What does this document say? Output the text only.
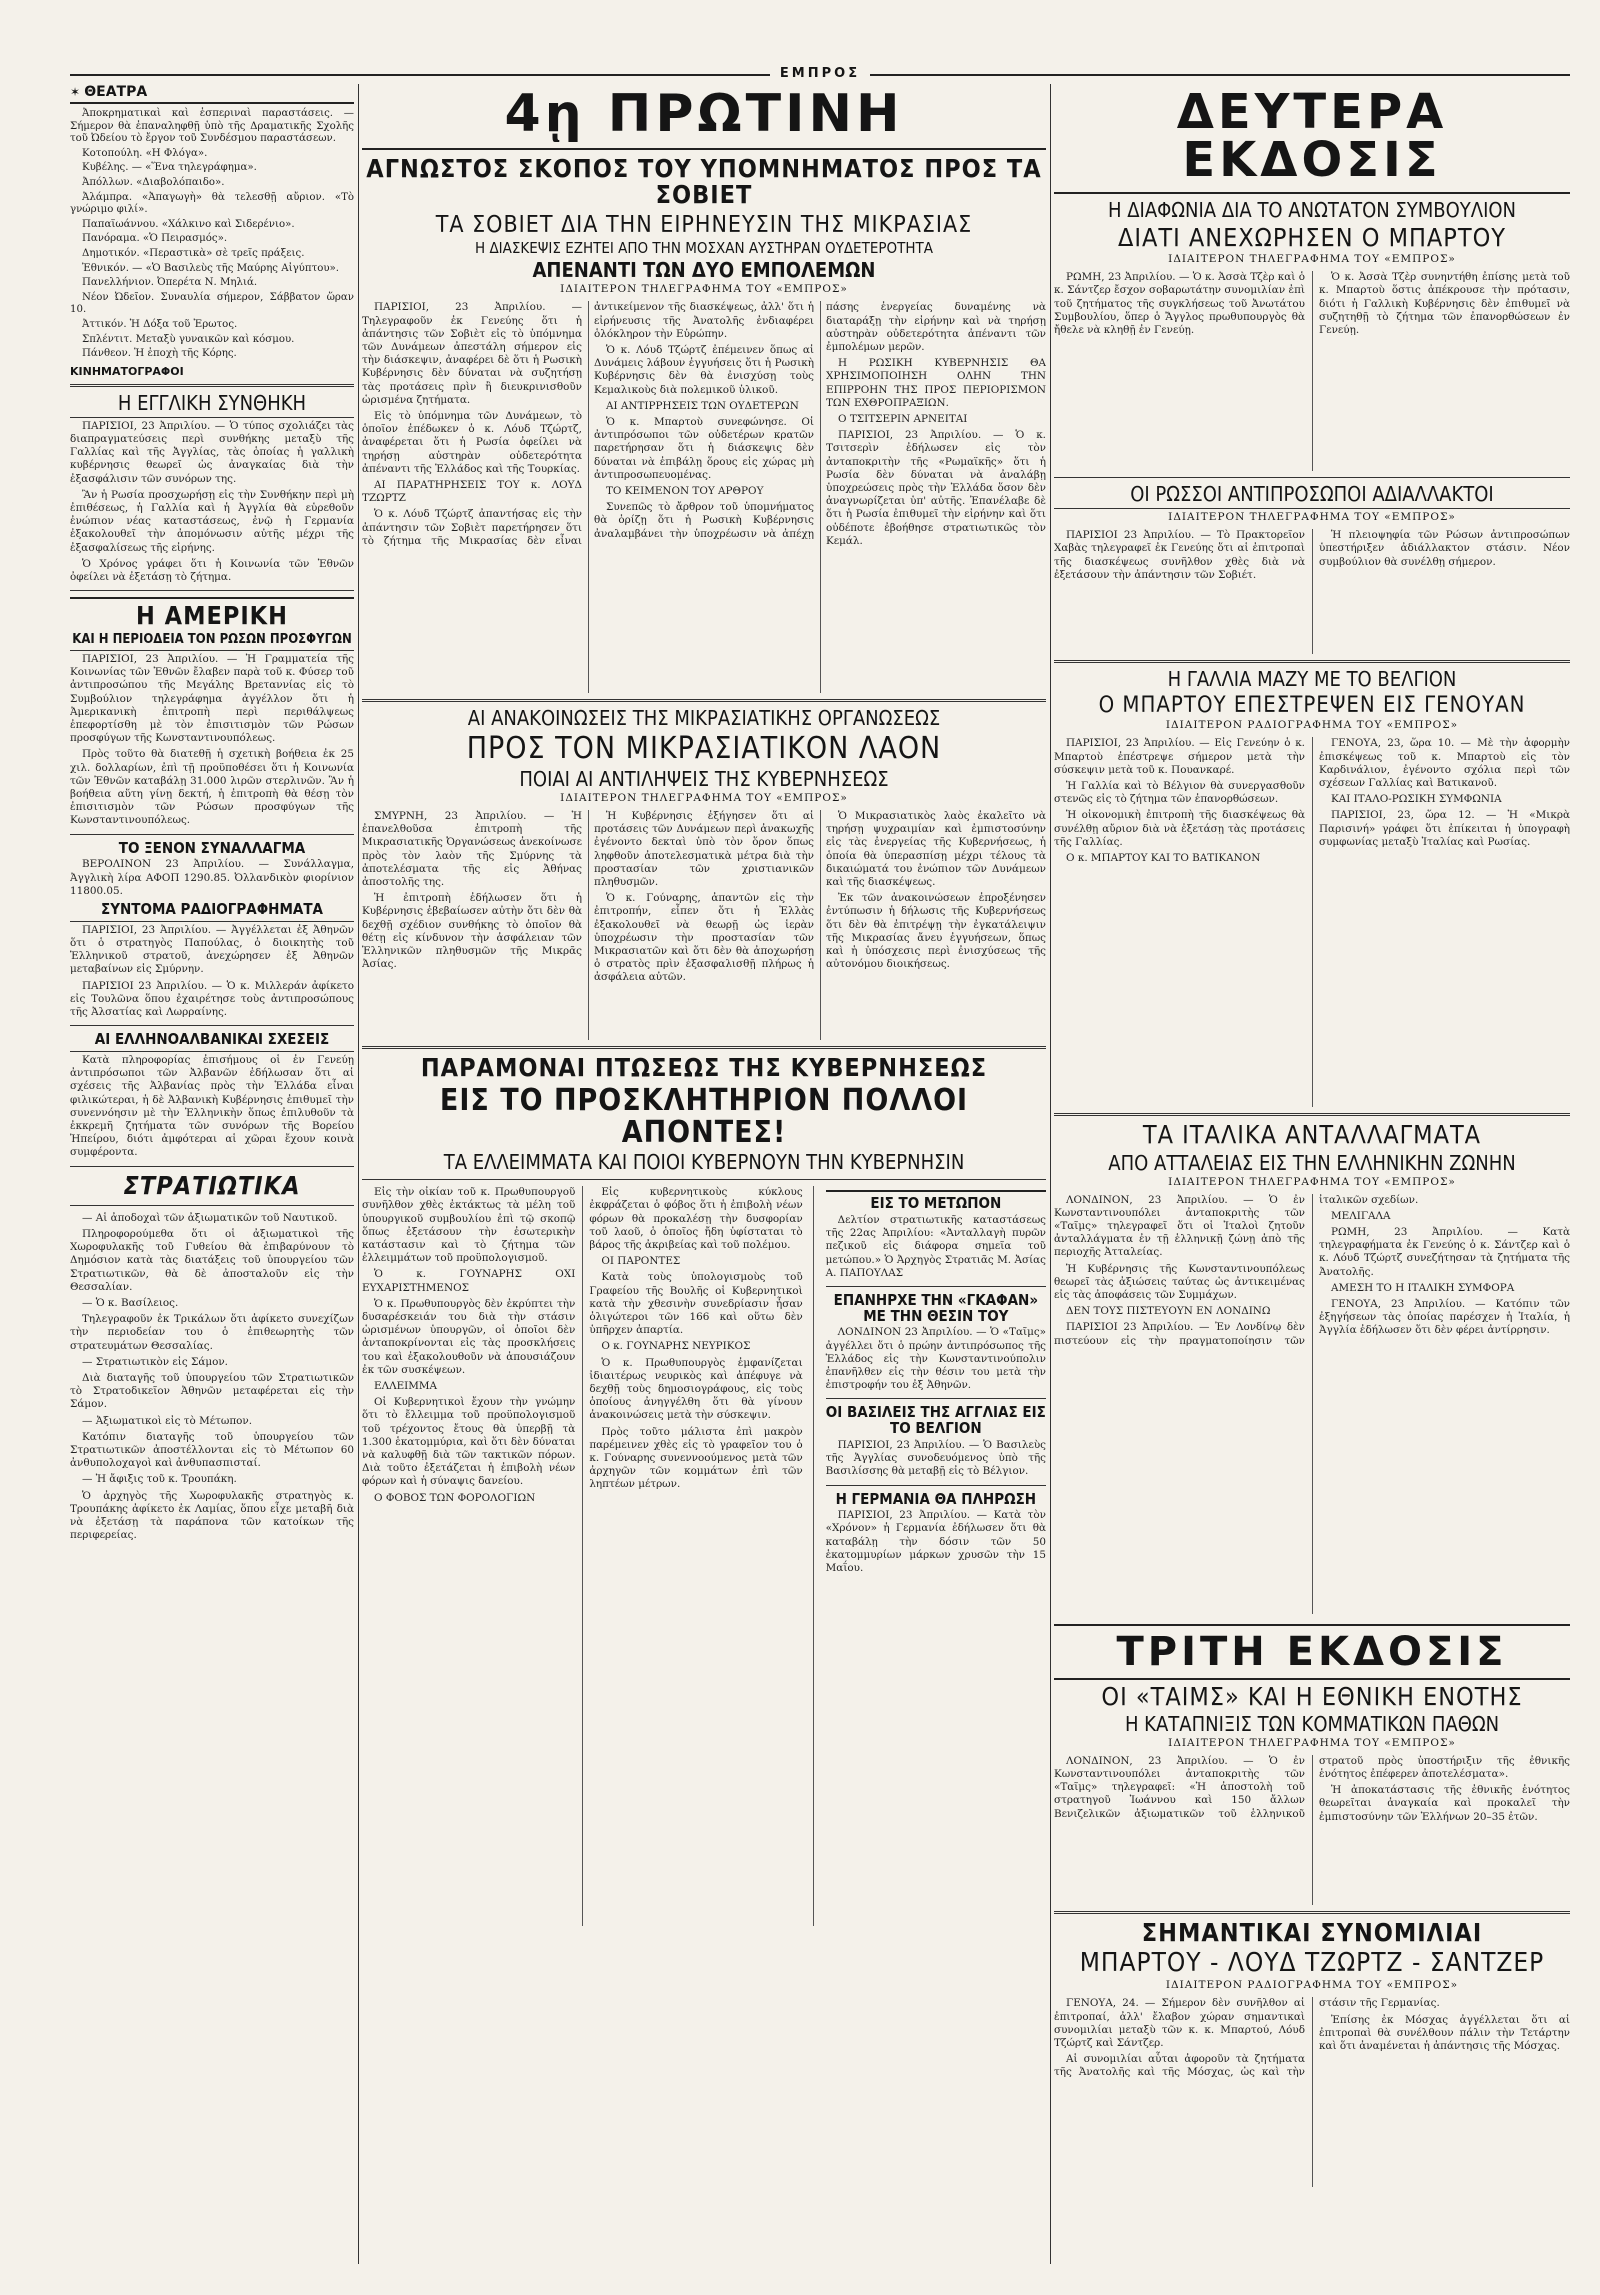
ΕΜΠΡΟΣ
✶ ΘΕΑΤΡΑ

Ἀποκρηματικαὶ καὶ ἑσπεριναὶ παραστάσεις. — Σήμερον θὰ ἐπαναληφθῇ ὑπὸ τῆς Δραματικῆς Σχολῆς τοῦ Ὠδείου τὸ ἔργον τοῦ Συνδέσμου παραστάσεων.

Κοτοπούλη. «Η Φλόγα».

Κυβέλης. — «Ἕνα τηλεγράφημα».

Ἀπόλλων. «Διαβολόπαιδο».

Ἀλάμπρα. «Ἀπαγωγὴ» θὰ τελεσθῇ αὔριον. «Τὸ γνώριμο φιλί».

Παπαϊωάννου. «Χάλκινο καὶ Σιδερένιο».

Πανόραμα. «Ὁ Πειρασμός».

Δημοτικόν. «Περαστικὰ» σὲ τρεῖς πράξεις.

Ἐθνικόν. — «Ὁ Βασιλεὺς τῆς Μαύρης Αἰγύπτου».

Πανελλήνιον. Ὀπερέτα Ν. Μηλιά.

Νέον Ὠδεῖον. Συναυλία σήμερον, Σάββατον ὥραν 10.

Ἀττικόν. Ἡ Δόξα τοῦ Ἐρωτος.

Σπλέντιτ. Μεταξὺ γυναικῶν καὶ κόσμου.

Πάνθεον. Ἡ ἐποχὴ τῆς Κόρης.

ΚΙΝΗΜΑΤΟΓΡΑΦΟΙ
Η ΕΓΓΛΙΚΗ ΣΥΝΘΗΚΗ

ΠΑΡΙΣΙΟΙ, 23 Ἀπριλίου. — Ὁ τύπος σχολιάζει τὰς διαπραγματεύσεις περὶ συνθήκης μεταξὺ τῆς Γαλλίας καὶ τῆς Ἀγγλίας, τὰς ὁποίας ἡ γαλλικὴ κυβέρνησις θεωρεῖ ὡς ἀναγκαίας διὰ τὴν ἐξασφάλισιν τῶν συνόρων της.

Ἂν ἡ Ρωσία προσχωρήσῃ εἰς τὴν Συνθήκην περὶ μὴ ἐπιθέσεως, ἡ Γαλλία καὶ ἡ Ἀγγλία θὰ εὑρεθοῦν ἐνώπιον νέας καταστάσεως, ἐνῷ ἡ Γερμανία ἐξακολουθεῖ τὴν ἀπομόνωσιν αὐτῆς μέχρι τῆς ἐξασφαλίσεως τῆς εἰρήνης.

Ὁ Χρόνος γράφει ὅτι ἡ Κοινωνία τῶν Ἐθνῶν ὀφείλει νὰ ἐξετάσῃ τὸ ζήτημα.

Η ΑΜΕΡΙΚΗ
ΚΑΙ Η ΠΕΡΙΟΔΕΙΑ ΤΟΝ ΡΩΣΩΝ ΠΡΟΣΦΥΓΩΝ

ΠΑΡΙΣΙΟΙ, 23 Ἀπριλίου. — Ἡ Γραμματεία τῆς Κοινωνίας τῶν Ἐθνῶν ἔλαβεν παρὰ τοῦ κ. Φύσερ τοῦ ἀντιπροσώπου τῆς Μεγάλης Βρεταννίας εἰς τὸ Συμβούλιον τηλεγράφημα ἀγγέλλον ὅτι ἡ Ἀμερικανικὴ ἐπιτροπὴ περὶ περιθάλψεως ἐπεφορτίσθη μὲ τὸν ἐπισιτισμὸν τῶν Ρώσων προσφύγων τῆς Κωνσταντινουπόλεως.

Πρὸς τοῦτο θὰ διατεθῇ ἡ σχετικὴ βοήθεια ἐκ 25 χιλ. δολλαρίων, ἐπὶ τῇ προϋποθέσει ὅτι ἡ Κοινωνία τῶν Ἐθνῶν καταβάλῃ 31.000 λιρῶν στερλινῶν. Ἂν ἡ βοήθεια αὕτη γίνῃ δεκτή, ἡ ἐπιτροπὴ θὰ θέσῃ τὸν ἐπισιτισμὸν τῶν Ρώσων προσφύγων τῆς Κωνσταντινουπόλεως.

ΤΟ ΞΕΝΟΝ ΣΥΝΑΛΛΑΓΜΑ

ΒΕΡΟΛΙΝΟΝ 23 Ἀπριλίου. — Συνάλλαγμα, Ἀγγλικὴ λίρα ΑΦΟΠ 1290.85. Ὀλλανδικὸν φιορίνιον 11800.05.

ΣΥΝΤΟΜΑ ΡΑΔΙΟΓΡΑΦΗΜΑΤΑ

ΠΑΡΙΣΙΟΙ, 23 Ἀπριλίου. — Ἀγγέλλεται ἐξ Ἀθηνῶν ὅτι ὁ στρατηγὸς Παπούλας, ὁ διοικητὴς τοῦ Ἑλληνικοῦ στρατοῦ, ἀνεχώρησεν ἐξ Ἀθηνῶν μεταβαίνων εἰς Σμύρνην.

ΠΑΡΙΣΙΟΙ 23 Ἀπριλίου. — Ὁ κ. Μιλλεράν ἀφίκετο εἰς Τουλῶνα ὅπου ἐχαιρέτησε τοὺς ἀντιπροσώπους τῆς Ἀλσατίας καὶ Λωρραίνης.

ΑΙ ΕΛΛΗΝΟΑΛΒΑΝΙΚΑΙ ΣΧΕΣΕΙΣ

Κατὰ πληροφορίας ἐπισήμους οἱ ἐν Γενεύῃ ἀντιπρόσωποι τῶν Ἀλβανῶν ἐδήλωσαν ὅτι αἱ σχέσεις τῆς Ἀλβανίας πρὸς τὴν Ἑλλάδα εἶναι φιλικώτεραι, ἡ δὲ Ἀλβανικὴ Κυβέρνησις ἐπιθυμεῖ τὴν συνεννόησιν μὲ τὴν Ἑλληνικὴν ὅπως ἐπιλυθοῦν τὰ ἐκκρεμῆ ζητήματα τῶν συνόρων τῆς Βορείου Ἠπείρου, διότι ἀμφότεραι αἱ χῶραι ἔχουν κοινὰ συμφέροντα.

ΣΤΡΑΤΙΩΤΙΚΑ

— Αἱ ἀποδοχαὶ τῶν ἀξιωματικῶν τοῦ Ναυτικοῦ.

Πληροφορούμεθα ὅτι οἱ ἀξιωματικοὶ τῆς Χωροφυλακῆς τοῦ Γυθείου θὰ ἐπιβαρύνουν τὸ Δημόσιον κατὰ τὰς διατάξεις τοῦ ὑπουργείου τῶν Στρατιωτικῶν, θὰ δὲ ἀποσταλοῦν εἰς τὴν Θεσσαλίαν.

— Ὁ κ. Βασίλειος.

Τηλεγραφοῦν ἐκ Τρικάλων ὅτι ἀφίκετο συνεχίζων τὴν περιοδείαν του ὁ ἐπιθεωρητὴς τῶν στρατευμάτων Θεσσαλίας.

— Στρατιωτικὸν εἰς Σάμον.

Διὰ διαταγῆς τοῦ ὑπουργείου τῶν Στρατιωτικῶν τὸ Στρατοδικεῖον Ἀθηνῶν μεταφέρεται εἰς τὴν Σάμον.

— Ἀξιωματικοὶ εἰς τὸ Μέτωπον.

Κατόπιν διαταγῆς τοῦ ὑπουργείου τῶν Στρατιωτικῶν ἀποστέλλονται εἰς τὸ Μέτωπον 60 ἀνθυπολοχαγοὶ καὶ ἀνθυπασπισταί.

— Ἡ ἄφιξις τοῦ κ. Τρουπάκη.

Ὁ ἀρχηγὸς τῆς Χωροφυλακῆς στρατηγὸς κ. Τρουπάκης ἀφίκετο ἐκ Λαμίας, ὅπου εἶχε μεταβῆ διὰ νὰ ἐξετάσῃ τὰ παράπονα τῶν κατοίκων τῆς περιφερείας.

4ῃ ΠΡΩΤΙΝΗ
ΑΓΝΩΣΤΟΣ ΣΚΟΠΟΣ ΤΟΥ ΥΠΟΜΝΗΜΑΤΟΣ ΠΡΟΣ ΤΑ ΣΟΒΙΕΤ
ΤΑ ΣΟΒΙΕΤ ΔΙΑ ΤΗΝ ΕΙΡΗΝΕΥΣΙΝ ΤΗΣ ΜΙΚΡΑΣΙΑΣ
Η ΔΙΑΣΚΕΨΙΣ ΕΖΗΤΕΙ ΑΠΟ ΤΗΝ ΜΟΣΧΑΝ ΑΥΣΤΗΡΑΝ ΟΥΔΕΤΕΡΟΤΗΤΑ
ΑΠΕΝΑΝΤΙ ΤΩΝ ΔΥΟ ΕΜΠΟΛΕΜΩΝ
ΙΔΙΑΙΤΕΡΟΝ ΤΗΛΕΓΡΑΦΗΜΑ ΤΟΥ «ΕΜΠΡΟΣ»

ΠΑΡΙΣΙΟΙ, 23 Ἀπριλίου. — Τηλεγραφοῦν ἐκ Γενεύης ὅτι ἡ ἀπάντησις τῶν Σοβιὲτ εἰς τὸ ὑπόμνημα τῶν Δυνάμεων ἀπεστάλη σήμερον εἰς τὴν διάσκεψιν, ἀναφέρει δὲ ὅτι ἡ Ρωσικὴ Κυβέρνησις δὲν δύναται νὰ συζητήσῃ τὰς προτάσεις πρὶν ἢ διευκρινισθοῦν ὡρισμένα ζητήματα.

Εἰς τὸ ὑπόμνημα τῶν Δυνάμεων, τὸ ὁποῖον ἐπέδωκεν ὁ κ. Λόυδ Τζώρτζ, ἀναφέρεται ὅτι ἡ Ρωσία ὀφείλει νὰ τηρήσῃ αὐστηρὰν οὐδετερότητα ἀπέναντι τῆς Ἑλλάδος καὶ τῆς Τουρκίας.

ΑΙ ΠΑΡΑΤΗΡΗΣΕΙΣ ΤΟΥ κ. ΛΟΥΔ ΤΖΩΡΤΖ

Ὁ κ. Λόυδ Τζώρτζ ἀπαντήσας εἰς τὴν ἀπάντησιν τῶν Σοβιὲτ παρετήρησεν ὅτι τὸ ζήτημα τῆς Μικρασίας δὲν εἶναι ἀντικείμενον τῆς διασκέψεως, ἀλλ' ὅτι ἡ εἰρήνευσις τῆς Ἀνατολῆς ἐνδιαφέρει ὁλόκληρον τὴν Εὐρώπην.

Ὁ κ. Λόυδ Τζώρτζ ἐπέμεινεν ὅπως αἱ Δυνάμεις λάβουν ἐγγυήσεις ὅτι ἡ Ρωσικὴ Κυβέρνησις δὲν θὰ ἐνισχύσῃ τοὺς Κεμαλικοὺς διὰ πολεμικοῦ ὑλικοῦ.

ΑΙ ΑΝΤΙΡΡΗΣΕΙΣ ΤΩΝ ΟΥΔΕΤΕΡΩΝ

Ὁ κ. Μπαρτοὺ συνεφώνησε. Οἱ ἀντιπρόσωποι τῶν οὐδετέρων κρατῶν παρετήρησαν ὅτι ἡ διάσκεψις δὲν δύναται νὰ ἐπιβάλῃ ὅρους εἰς χώρας μὴ ἀντιπροσωπευομένας.

ΤΟ ΚΕΙΜΕΝΟΝ ΤΟΥ ΑΡΘΡΟΥ

Συνεπῶς τὸ ἄρθρον τοῦ ὑπομνήματος θὰ ὁρίζῃ ὅτι ἡ Ρωσικὴ Κυβέρνησις ἀναλαμβάνει τὴν ὑποχρέωσιν νὰ ἀπέχῃ πάσης ἐνεργείας δυναμένης νὰ διαταράξῃ τὴν εἰρήνην καὶ νὰ τηρήσῃ αὐστηρὰν οὐδετερότητα ἀπέναντι τῶν ἐμπολέμων μερῶν.

Η ΡΩΣΙΚΗ ΚΥΒΕΡΝΗΣΙΣ ΘΑ ΧΡΗΣΙΜΟΠΟΙΗΣΗ ΟΛΗΝ ΤΗΝ ΕΠΙΡΡΟΗΝ ΤΗΣ ΠΡΟΣ ΠΕΡΙΟΡΙΣΜΟΝ ΤΩΝ ΕΧΘΡΟΠΡΑΞΙΩΝ.

Ο ΤΣΙΤΣΕΡΙΝ ΑΡΝΕΙΤΑΙ

ΠΑΡΙΣΙΟΙ, 23 Ἀπριλίου. — Ὁ κ. Τσιτσερὶν ἐδήλωσεν εἰς τὸν ἀνταποκριτὴν τῆς «Ρωμαϊκῆς» ὅτι ἡ Ρωσία δὲν δύναται νὰ ἀναλάβῃ ὑποχρεώσεις πρὸς τὴν Ἑλλάδα ὅσον δὲν ἀναγνωρίζεται ὑπ' αὐτῆς. Ἐπανέλαβε δὲ ὅτι ἡ Ρωσία ἐπιθυμεῖ τὴν εἰρήνην καὶ ὅτι οὐδέποτε ἐβοήθησε στρατιωτικῶς τὸν Κεμάλ.

ΑΙ ΑΝΑΚΟΙΝΩΣΕΙΣ ΤΗΣ ΜΙΚΡΑΣΙΑΤΙΚΗΣ ΟΡΓΑΝΩΣΕΩΣ
ΠΡΟΣ ΤΟΝ ΜΙΚΡΑΣΙΑΤΙΚΟΝ ΛΑΟΝ
ΠΟΙΑΙ ΑΙ ΑΝΤΙΛΗΨΕΙΣ ΤΗΣ ΚΥΒΕΡΝΗΣΕΩΣ
ΙΔΙΑΙΤΕΡΟΝ ΤΗΛΕΓΡΑΦΗΜΑ ΤΟΥ «ΕΜΠΡΟΣ»

ΣΜΥΡΝΗ, 23 Ἀπριλίου. — Ἡ ἐπανελθοῦσα ἐπιτροπὴ τῆς Μικρασιατικῆς Ὀργανώσεως ἀνεκοίνωσε πρὸς τὸν λαὸν τῆς Σμύρνης τὰ ἀποτελέσματα τῆς εἰς Ἀθήνας ἀποστολῆς της.

Ἡ ἐπιτροπὴ ἐδήλωσεν ὅτι ἡ Κυβέρνησις ἐβεβαίωσεν αὐτὴν ὅτι δὲν θὰ δεχθῇ σχέδιον συνθήκης τὸ ὁποῖον θὰ θέτῃ εἰς κίνδυνον τὴν ἀσφάλειαν τῶν Ἑλληνικῶν πληθυσμῶν τῆς Μικρᾶς Ἀσίας.

Ἡ Κυβέρνησις ἐξήγησεν ὅτι αἱ προτάσεις τῶν Δυνάμεων περὶ ἀνακωχῆς ἐγένοντο δεκταὶ ὑπὸ τὸν ὅρον ὅπως ληφθοῦν ἀποτελεσματικὰ μέτρα διὰ τὴν προστασίαν τῶν χριστιανικῶν πληθυσμῶν.

Ὁ κ. Γούναρης, ἀπαντῶν εἰς τὴν ἐπιτροπήν, εἶπεν ὅτι ἡ Ἑλλὰς ἐξακολουθεῖ νὰ θεωρῇ ὡς ἱερὰν ὑποχρέωσιν τὴν προστασίαν τῶν Μικρασιατῶν καὶ ὅτι δὲν θὰ ἀποχωρήσῃ ὁ στρατὸς πρὶν ἐξασφαλισθῇ πλήρως ἡ ἀσφάλεια αὐτῶν.

Ὁ Μικρασιατικὸς λαὸς ἐκαλεῖτο νὰ τηρήσῃ ψυχραιμίαν καὶ ἐμπιστοσύνην εἰς τὰς ἐνεργείας τῆς Κυβερνήσεως, ἡ ὁποία θὰ ὑπερασπίσῃ μέχρι τέλους τὰ δικαιώματά του ἐνώπιον τῶν Δυνάμεων καὶ τῆς διασκέψεως.

Ἐκ τῶν ἀνακοινώσεων ἐπροξένησεν ἐντύπωσιν ἡ δήλωσις τῆς Κυβερνήσεως ὅτι δὲν θὰ ἐπιτρέψῃ τὴν ἐγκατάλειψιν τῆς Μικρασίας ἄνευ ἐγγυήσεων, ὅπως καὶ ἡ ὑπόσχεσις περὶ ἐνισχύσεως τῆς αὐτονόμου διοικήσεως.

ΠΑΡΑΜΟΝΑΙ ΠΤΩΣΕΩΣ ΤΗΣ ΚΥΒΕΡΝΗΣΕΩΣ
ΕΙΣ ΤΟ ΠΡΟΣΚΛΗΤΗΡΙΟΝ ΠΟΛΛΟΙ ΑΠΟΝΤΕΣ!
ΤΑ ΕΛΛΕΙΜΜΑΤΑ ΚΑΙ ΠΟΙΟΙ ΚΥΒΕΡΝΟΥΝ ΤΗΝ ΚΥΒΕΡΝΗΣΙΝ

Εἰς τὴν οἰκίαν τοῦ κ. Πρωθυπουργοῦ συνῆλθον χθὲς ἐκτάκτως τὰ μέλη τοῦ ὑπουργικοῦ συμβουλίου ἐπὶ τῷ σκοπῷ ὅπως ἐξετάσουν τὴν ἐσωτερικὴν κατάστασιν καὶ τὸ ζήτημα τῶν ἐλλειμμάτων τοῦ προϋπολογισμοῦ.

Ὁ κ. ΓΟΥΝΑΡΗΣ ΟΧΙ ΕΥΧΑΡΙΣΤΗΜΕΝΟΣ

Ὁ κ. Πρωθυπουργὸς δὲν ἐκρύπτει τὴν δυσαρέσκειάν του διὰ τὴν στάσιν ὡρισμένων ὑπουργῶν, οἱ ὁποῖοι δὲν ἀνταποκρίνονται εἰς τὰς προσκλήσεις του καὶ ἐξακολουθοῦν νὰ ἀπουσιάζουν ἐκ τῶν συσκέψεων.

ΕΛΛΕΙΜΜΑ

Οἱ Κυβερνητικοὶ ἔχουν τὴν γνώμην ὅτι τὸ ἔλλειμμα τοῦ προϋπολογισμοῦ τοῦ τρέχοντος ἔτους θὰ ὑπερβῇ τὰ 1.300 ἑκατομμύρια, καὶ ὅτι δὲν δύναται νὰ καλυφθῇ διὰ τῶν τακτικῶν πόρων. Διὰ τοῦτο ἐξετάζεται ἡ ἐπιβολὴ νέων φόρων καὶ ἡ σύναψις δανείου.

Ο ΦΟΒΟΣ ΤΩΝ ΦΟΡΟΛΟΓΙΩΝ

Εἰς κυβερνητικοὺς κύκλους ἐκφράζεται ὁ φόβος ὅτι ἡ ἐπιβολὴ νέων φόρων θὰ προκαλέσῃ τὴν δυσφορίαν τοῦ λαοῦ, ὁ ὁποῖος ἤδη ὑφίσταται τὸ βάρος τῆς ἀκριβείας καὶ τοῦ πολέμου.

ΟΙ ΠΑΡΟΝΤΕΣ

Κατὰ τοὺς ὑπολογισμοὺς τοῦ Γραφείου τῆς Βουλῆς οἱ Κυβερνητικοὶ κατὰ τὴν χθεσινὴν συνεδρίασιν ἦσαν ὀλιγώτεροι τῶν 166 καὶ οὕτω δὲν ὑπῆρχεν ἀπαρτία.

Ο κ. ΓΟΥΝΑΡΗΣ ΝΕΥΡΙΚΟΣ

Ὁ κ. Πρωθυπουργὸς ἐμφανίζεται ἰδιαιτέρως νευρικὸς καὶ ἀπέφυγε νὰ δεχθῇ τοὺς δημοσιογράφους, εἰς τοὺς ὁποίους ἀνηγγέλθη ὅτι θὰ γίνουν ἀνακοινώσεις μετὰ τὴν σύσκεψιν.

Πρὸς τοῦτο μάλιστα ἐπὶ μακρὸν παρέμεινεν χθὲς εἰς τὸ γραφεῖον του ὁ κ. Γούναρης συνεννοούμενος μετὰ τῶν ἀρχηγῶν τῶν κομμάτων ἐπὶ τῶν ληπτέων μέτρων.

ΕΙΣ ΤΟ ΜΕΤΩΠΟΝ

Δελτίον στρατιωτικῆς καταστάσεως τῆς 22ας Ἀπριλίου: «Ἀνταλλαγὴ πυρῶν πεζικοῦ εἰς διάφορα σημεῖα τοῦ μετώπου.» Ὁ Ἀρχηγὸς Στρατιᾶς Μ. Ἀσίας Α. ΠΑΠΟΥΛΑΣ

ΕΠΑΝΗΡΧΕ ΤΗΝ «ΓΚΑΦΑΝ» ΜΕ ΤΗΝ ΘΕΣΙΝ ΤΟΥ

ΛΟΝΔΙΝΟΝ 23 Ἀπριλίου. — Ὁ «Ταῖμς» ἀγγέλλει ὅτι ὁ πρώην ἀντιπρόσωπος τῆς Ἑλλάδος εἰς τὴν Κωνσταντινούπολιν ἐπανῆλθεν εἰς τὴν θέσιν του μετὰ τὴν ἐπιστροφήν του ἐξ Ἀθηνῶν.

ΟΙ ΒΑΣΙΛΕΙΣ ΤΗΣ ΑΓΓΛΙΑΣ ΕΙΣ ΤΟ ΒΕΛΓΙΟΝ

ΠΑΡΙΣΙΟΙ, 23 Ἀπριλίου. — Ὁ Βασιλεὺς τῆς Ἀγγλίας συνοδευόμενος ὑπὸ τῆς Βασιλίσσης θὰ μεταβῇ εἰς τὸ Βέλγιον.

Η ΓΕΡΜΑΝΙΑ ΘΑ ΠΛΗΡΩΣΗ

ΠΑΡΙΣΙΟΙ, 23 Ἀπριλίου. — Κατὰ τὸν «Χρόνον» ἡ Γερμανία ἐδήλωσεν ὅτι θὰ καταβάλῃ τὴν δόσιν τῶν 50 ἑκατομμυρίων μάρκων χρυσῶν τὴν 15 Μαΐου.

ΔΕΥΤΕΡΑ ΕΚΔΟΣΙΣ
Η ΔΙΑΦΩΝΙΑ ΔΙΑ ΤΟ ΑΝΩΤΑΤΟΝ ΣΥΜΒΟΥΛΙΟΝ
ΔΙΑΤΙ ΑΝΕΧΩΡΗΣΕΝ Ο ΜΠΑΡΤΟΥ
ΙΔΙΑΙΤΕΡΟΝ ΤΗΛΕΓΡΑΦΗΜΑ ΤΟΥ «ΕΜΠΡΟΣ»

ΡΩΜΗ, 23 Ἀπριλίου. — Ὁ κ. Ἀσσὰ Τζὲρ καὶ ὁ κ. Σάντζερ ἔσχον σοβαρωτάτην συνομιλίαν ἐπὶ τοῦ ζητήματος τῆς συγκλήσεως τοῦ Ἀνωτάτου Συμβουλίου, ὅπερ ὁ Ἄγγλος πρωθυπουργὸς θὰ ἤθελε νὰ κληθῇ ἐν Γενεύῃ.

Ὁ κ. Ἀσσὰ Τζὲρ συνηντήθη ἐπίσης μετὰ τοῦ κ. Μπαρτοὺ ὅστις ἀπέκρουσε τὴν πρότασιν, διότι ἡ Γαλλικὴ Κυβέρνησις δὲν ἐπιθυμεῖ νὰ συζητηθῇ τὸ ζήτημα τῶν ἐπανορθώσεων ἐν Γενεύῃ.

ΟΙ ΡΩΣΣΟΙ ΑΝΤΙΠΡΟΣΩΠΟΙ ΑΔΙΑΛΛΑΚΤΟΙ
ΙΔΙΑΙΤΕΡΟΝ ΤΗΛΕΓΡΑΦΗΜΑ ΤΟΥ «ΕΜΠΡΟΣ»

ΠΑΡΙΣΙΟΙ 23 Ἀπριλίου. — Τὸ Πρακτορεῖον Χαβὰς τηλεγραφεῖ ἐκ Γενεύης ὅτι αἱ ἐπιτροπαὶ τῆς διασκέψεως συνῆλθον χθὲς διὰ νὰ ἐξετάσουν τὴν ἀπάντησιν τῶν Σοβιέτ.

Ἡ πλειοψηφία τῶν Ρώσων ἀντιπροσώπων ὑπεστήριξεν ἀδιάλλακτον στάσιν. Νέον συμβούλιον θὰ συνέλθῃ σήμερον.

Η ΓΑΛΛΙΑ ΜΑΖΥ ΜΕ ΤΟ ΒΕΛΓΙΟΝ
Ο ΜΠΑΡΤΟΥ ΕΠΕΣΤΡΕΨΕΝ ΕΙΣ ΓΕΝΟΥΑΝ
ΙΔΙΑΙΤΕΡΟΝ ΡΑΔΙΟΓΡΑΦΗΜΑ ΤΟΥ «ΕΜΠΡΟΣ»

ΠΑΡΙΣΙΟΙ, 23 Ἀπριλίου. — Εἰς Γενεύην ὁ κ. Μπαρτοὺ ἐπέστρεψε σήμερον μετὰ τὴν σύσκεψιν μετὰ τοῦ κ. Πουανκαρέ.

Ἡ Γαλλία καὶ τὸ Βέλγιον θὰ συνεργασθοῦν στενῶς εἰς τὸ ζήτημα τῶν ἐπανορθώσεων.

Ἡ οἰκονομικὴ ἐπιτροπὴ τῆς διασκέψεως θὰ συνέλθῃ αὔριον διὰ νὰ ἐξετάσῃ τὰς προτάσεις τῆς Γαλλίας.

Ο κ. ΜΠΑΡΤΟΥ ΚΑΙ ΤΟ ΒΑΤΙΚΑΝΟΝ

ΓΕΝΟΥΑ, 23, ὥρα 10. — Μὲ τὴν ἀφορμὴν ἐπισκέψεως τοῦ κ. Μπαρτοὺ εἰς τὸν Καρδινάλιον, ἐγένοντο σχόλια περὶ τῶν σχέσεων Γαλλίας καὶ Βατικανοῦ.

ΚΑΙ ΙΤΑΛΟ-ΡΩΣΙΚΗ ΣΥΜΦΩΝΙΑ

ΠΑΡΙΣΙΟΙ, 23, ὥρα 12. — Ἡ «Μικρὰ Παρισινή» γράφει ὅτι ἐπίκειται ἡ ὑπογραφὴ συμφωνίας μεταξὺ Ἰταλίας καὶ Ρωσίας.

ΤΑ ΙΤΑΛΙΚΑ ΑΝΤΑΛΛΑΓΜΑΤΑ
ΑΠΟ ΑΤΤΑΛΕΙΑΣ ΕΙΣ ΤΗΝ ΕΛΛΗΝΙΚΗΝ ΖΩΝΗΝ
ΙΔΙΑΙΤΕΡΟΝ ΤΗΛΕΓΡΑΦΗΜΑ ΤΟΥ «ΕΜΠΡΟΣ»

ΛΟΝΔΙΝΟΝ, 23 Ἀπριλίου. — Ὁ ἐν Κωνσταντινουπόλει ἀνταποκριτὴς τῶν «Ταῖμς» τηλεγραφεῖ ὅτι οἱ Ἰταλοὶ ζητοῦν ἀνταλλάγματα ἐν τῇ ἑλληνικῇ ζώνῃ ἀπὸ τῆς περιοχῆς Ἀτταλείας.

Ἡ Κυβέρνησις τῆς Κωνσταντινουπόλεως θεωρεῖ τὰς ἀξιώσεις ταύτας ὡς ἀντικειμένας εἰς τὰς ἀποφάσεις τῶν Συμμάχων.

ΔΕΝ ΤΟΥΣ ΠΙΣΤΕΥΟΥΝ ΕΝ ΛΟΝΔΙΝΩ

ΠΑΡΙΣΙΟΙ 23 Ἀπριλίου. — Ἐν Λονδίνῳ δὲν πιστεύουν εἰς τὴν πραγματοποίησιν τῶν ἰταλικῶν σχεδίων.

ΜΕΛΙΓΑΛΑ

ΡΩΜΗ, 23 Ἀπριλίου. — Κατὰ τηλεγραφήματα ἐκ Γενεύης ὁ κ. Σάντζερ καὶ ὁ κ. Λόυδ Τζώρτζ συνεζήτησαν τὰ ζητήματα τῆς Ἀνατολῆς.

ΑΜΕΣΗ ΤΟ Η ΙΤΑΛΙΚΗ ΣΥΜΦΟΡΑ

ΓΕΝΟΥΑ, 23 Ἀπριλίου. — Κατόπιν τῶν ἐξηγήσεων τὰς ὁποίας παρέσχεν ἡ Ἰταλία, ἡ Ἀγγλία ἐδήλωσεν ὅτι δὲν φέρει ἀντίρρησιν.

ΤΡΙΤΗ ΕΚΔΟΣΙΣ
ΟΙ «ΤΑΙΜΣ» ΚΑΙ Η ΕΘΝΙΚΗ ΕΝΟΤΗΣ
Η ΚΑΤΑΠΝΙΞΙΣ ΤΩΝ ΚΟΜΜΑΤΙΚΩΝ ΠΑΘΩΝ
ΙΔΙΑΙΤΕΡΟΝ ΤΗΛΕΓΡΑΦΗΜΑ ΤΟΥ «ΕΜΠΡΟΣ»

ΛΟΝΔΙΝΟΝ, 23 Ἀπριλίου. — Ὁ ἐν Κωνσταντινουπόλει ἀνταποκριτὴς τῶν «Ταῖμς» τηλεγραφεῖ: «Ἡ ἀποστολὴ τοῦ στρατηγοῦ Ἰωάννου καὶ 150 ἄλλων Βενιζελικῶν ἀξιωματικῶν τοῦ ἑλληνικοῦ στρατοῦ πρὸς ὑποστήριξιν τῆς ἐθνικῆς ἑνότητος ἐπέφερεν ἀποτελέσματα».

Ἡ ἀποκατάστασις τῆς ἐθνικῆς ἑνότητος θεωρεῖται ἀναγκαία καὶ προκαλεῖ τὴν ἐμπιστοσύνην τῶν Ἑλλήνων 20–35 ἐτῶν.

ΣΗΜΑΝΤΙΚΑΙ ΣΥΝΟΜΙΛΙΑΙ
ΜΠΑΡΤΟΥ - ΛΟΥΔ ΤΖΩΡΤΖ - ΣΑΝΤΖΕΡ
ΙΔΙΑΙΤΕΡΟΝ ΡΑΔΙΟΓΡΑΦΗΜΑ ΤΟΥ «ΕΜΠΡΟΣ»

ΓΕΝΟΥΑ, 24. — Σήμερον δὲν συνῆλθον αἱ ἐπιτροπαί, ἀλλ' ἔλαβον χώραν σημαντικαὶ συνομιλίαι μεταξὺ τῶν κ. κ. Μπαρτού, Λόυδ Τζώρτζ καὶ Σάντζερ.

Αἱ συνομιλίαι αὗται ἀφοροῦν τὰ ζητήματα τῆς Ἀνατολῆς καὶ τῆς Μόσχας, ὡς καὶ τὴν στάσιν τῆς Γερμανίας.

Ἐπίσης ἐκ Μόσχας ἀγγέλλεται ὅτι αἱ ἐπιτροπαὶ θὰ συνέλθουν πάλιν τὴν Τετάρτην καὶ ὅτι ἀναμένεται ἡ ἀπάντησις τῆς Μόσχας.
